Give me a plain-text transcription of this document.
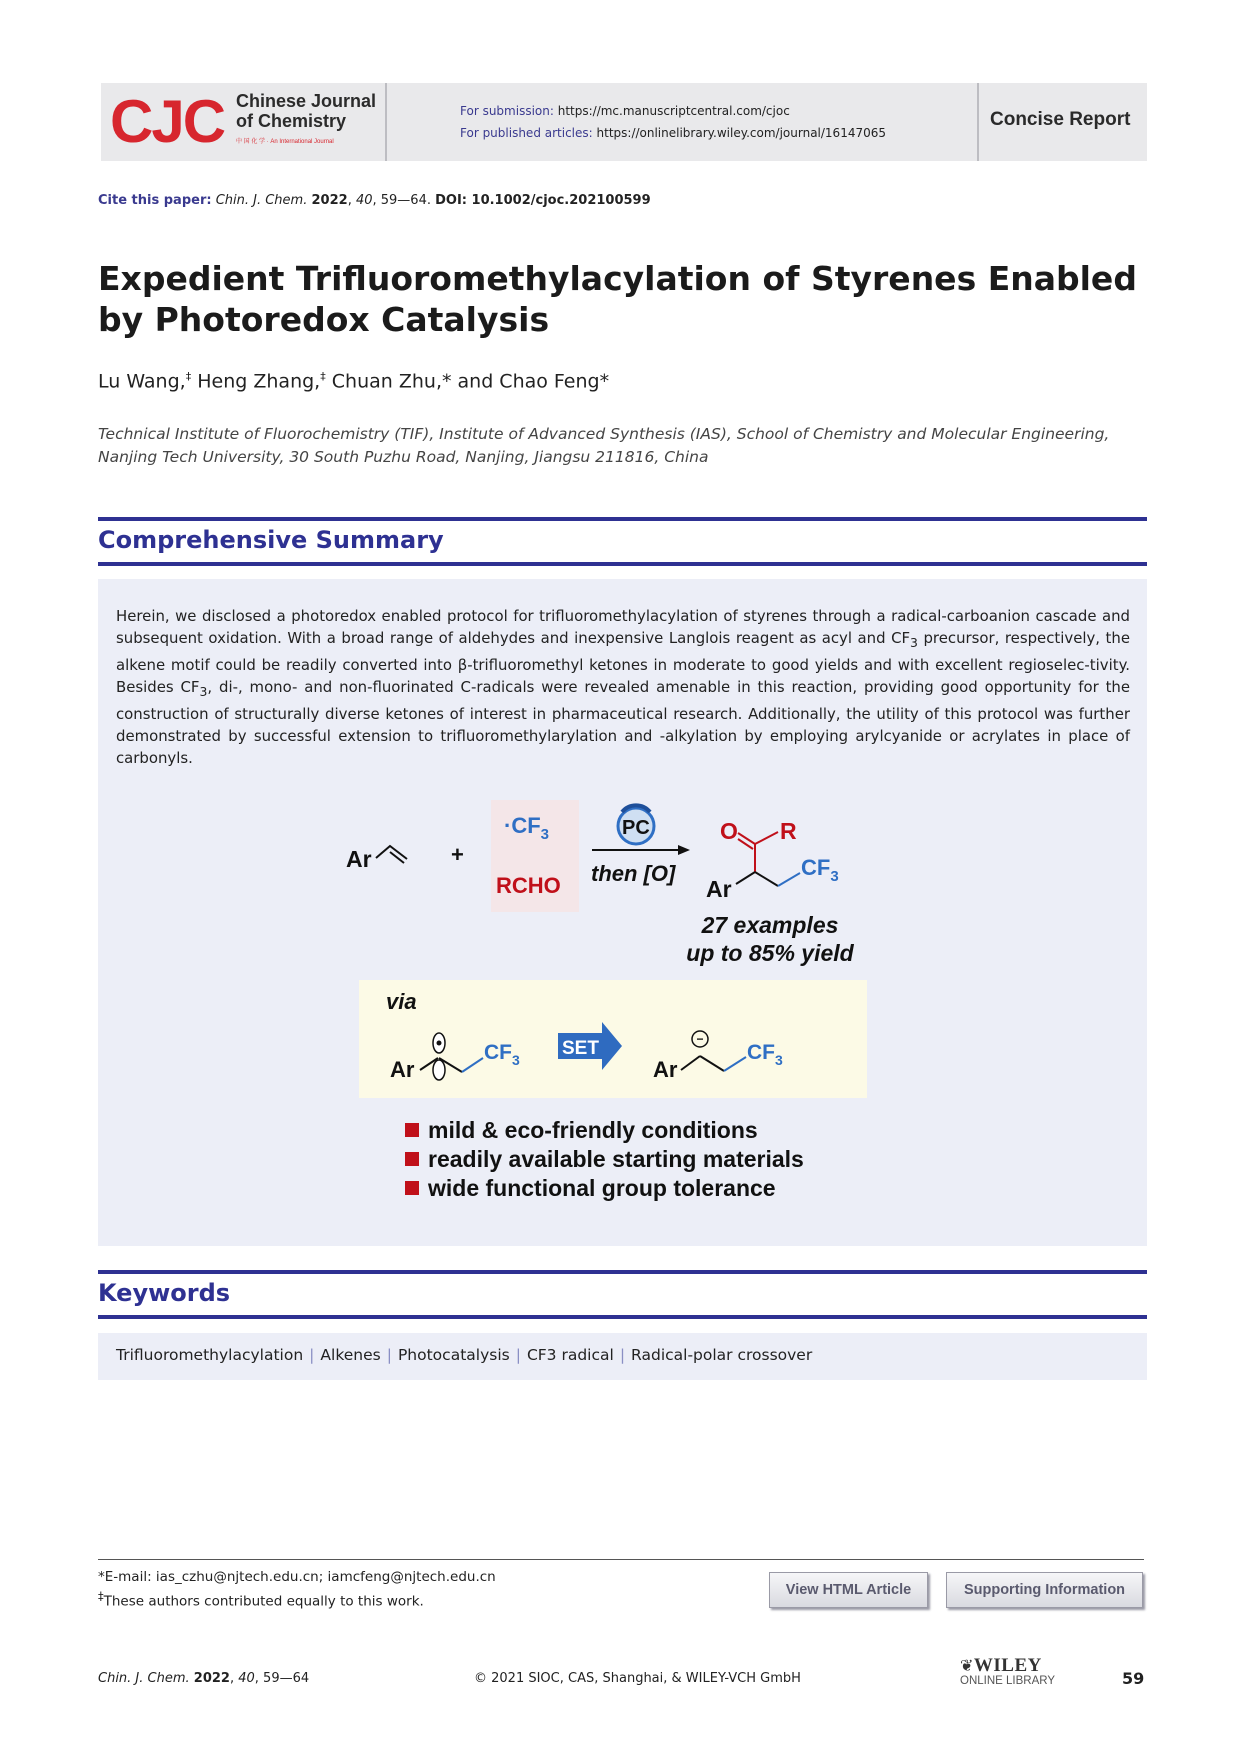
CJC Chinese Journal
of Chemistry
中 国 化 学 · An International Journal
For submission: https://mc.manuscriptcentral.com/cjoc
For published articles: https://onlinelibrary.wiley.com/journal/16147065
Concise Report
Cite this paper: Chin. J. Chem. 2022, 40, 59—64. DOI: 10.1002/cjoc.202100599
Expedient Trifluoromethylacylation of Styrenes Enabled by Photoredox Catalysis
Lu Wang,‡ Heng Zhang,‡ Chuan Zhu,* and Chao Feng*
Technical Institute of Fluorochemistry (TIF), Institute of Advanced Synthesis (IAS), School of Chemistry and Molecular Engineering, Nanjing Tech University, 30 South Puzhu Road, Nanjing, Jiangsu 211816, China
Comprehensive Summary
Herein, we disclosed a photoredox enabled protocol for trifluoromethylacylation of styrenes through a radical-carboanion cascade and subsequent oxidation. With a broad range of aldehydes and inexpensive Langlois reagent as acyl and $CF_3$ precursor, respectively, the alkene motif could be readily converted into β-trifluoromethyl ketones in moderate to good yields and with excellent regioselec-tivity. Besides $CF_3$, di-, mono- and non-fluorinated C-radicals were revealed amenable in this reaction, providing good opportunity for the construction of structurally diverse ketones of interest in pharmaceutical research. Additionally, the utility of this protocol was further demonstrated by successful extension to trifluoromethylarylation and -alkylation by employing arylcyanide or acrylates in place of carbonyls.
Ar	+
$\cdot CF_3$
RCHO
PC
then [O]
O R
Ar
$CF_3$
27 examples
up to 85% yield
via
Ar
$CF_3$
SET
Ar
−
$CF_3$
mild & eco-friendly conditions
readily available starting materials
wide functional group tolerance
Keywords
Trifluoromethylacylation | Alkenes | Photocatalysis | CF3 radical | Radical-polar crossover
*E-mail: ias_czhu@njtech.edu.cn; iamcfeng@njtech.edu.cn
‡These authors contributed equally to this work.
View HTML Article	Supporting Information
Chin. J. Chem. 2022, 40, 59—64	© 2021 SIOC, CAS, Shanghai, & WILEY-VCH GmbH
❦WILEY
ONLINE LIBRARY	59
